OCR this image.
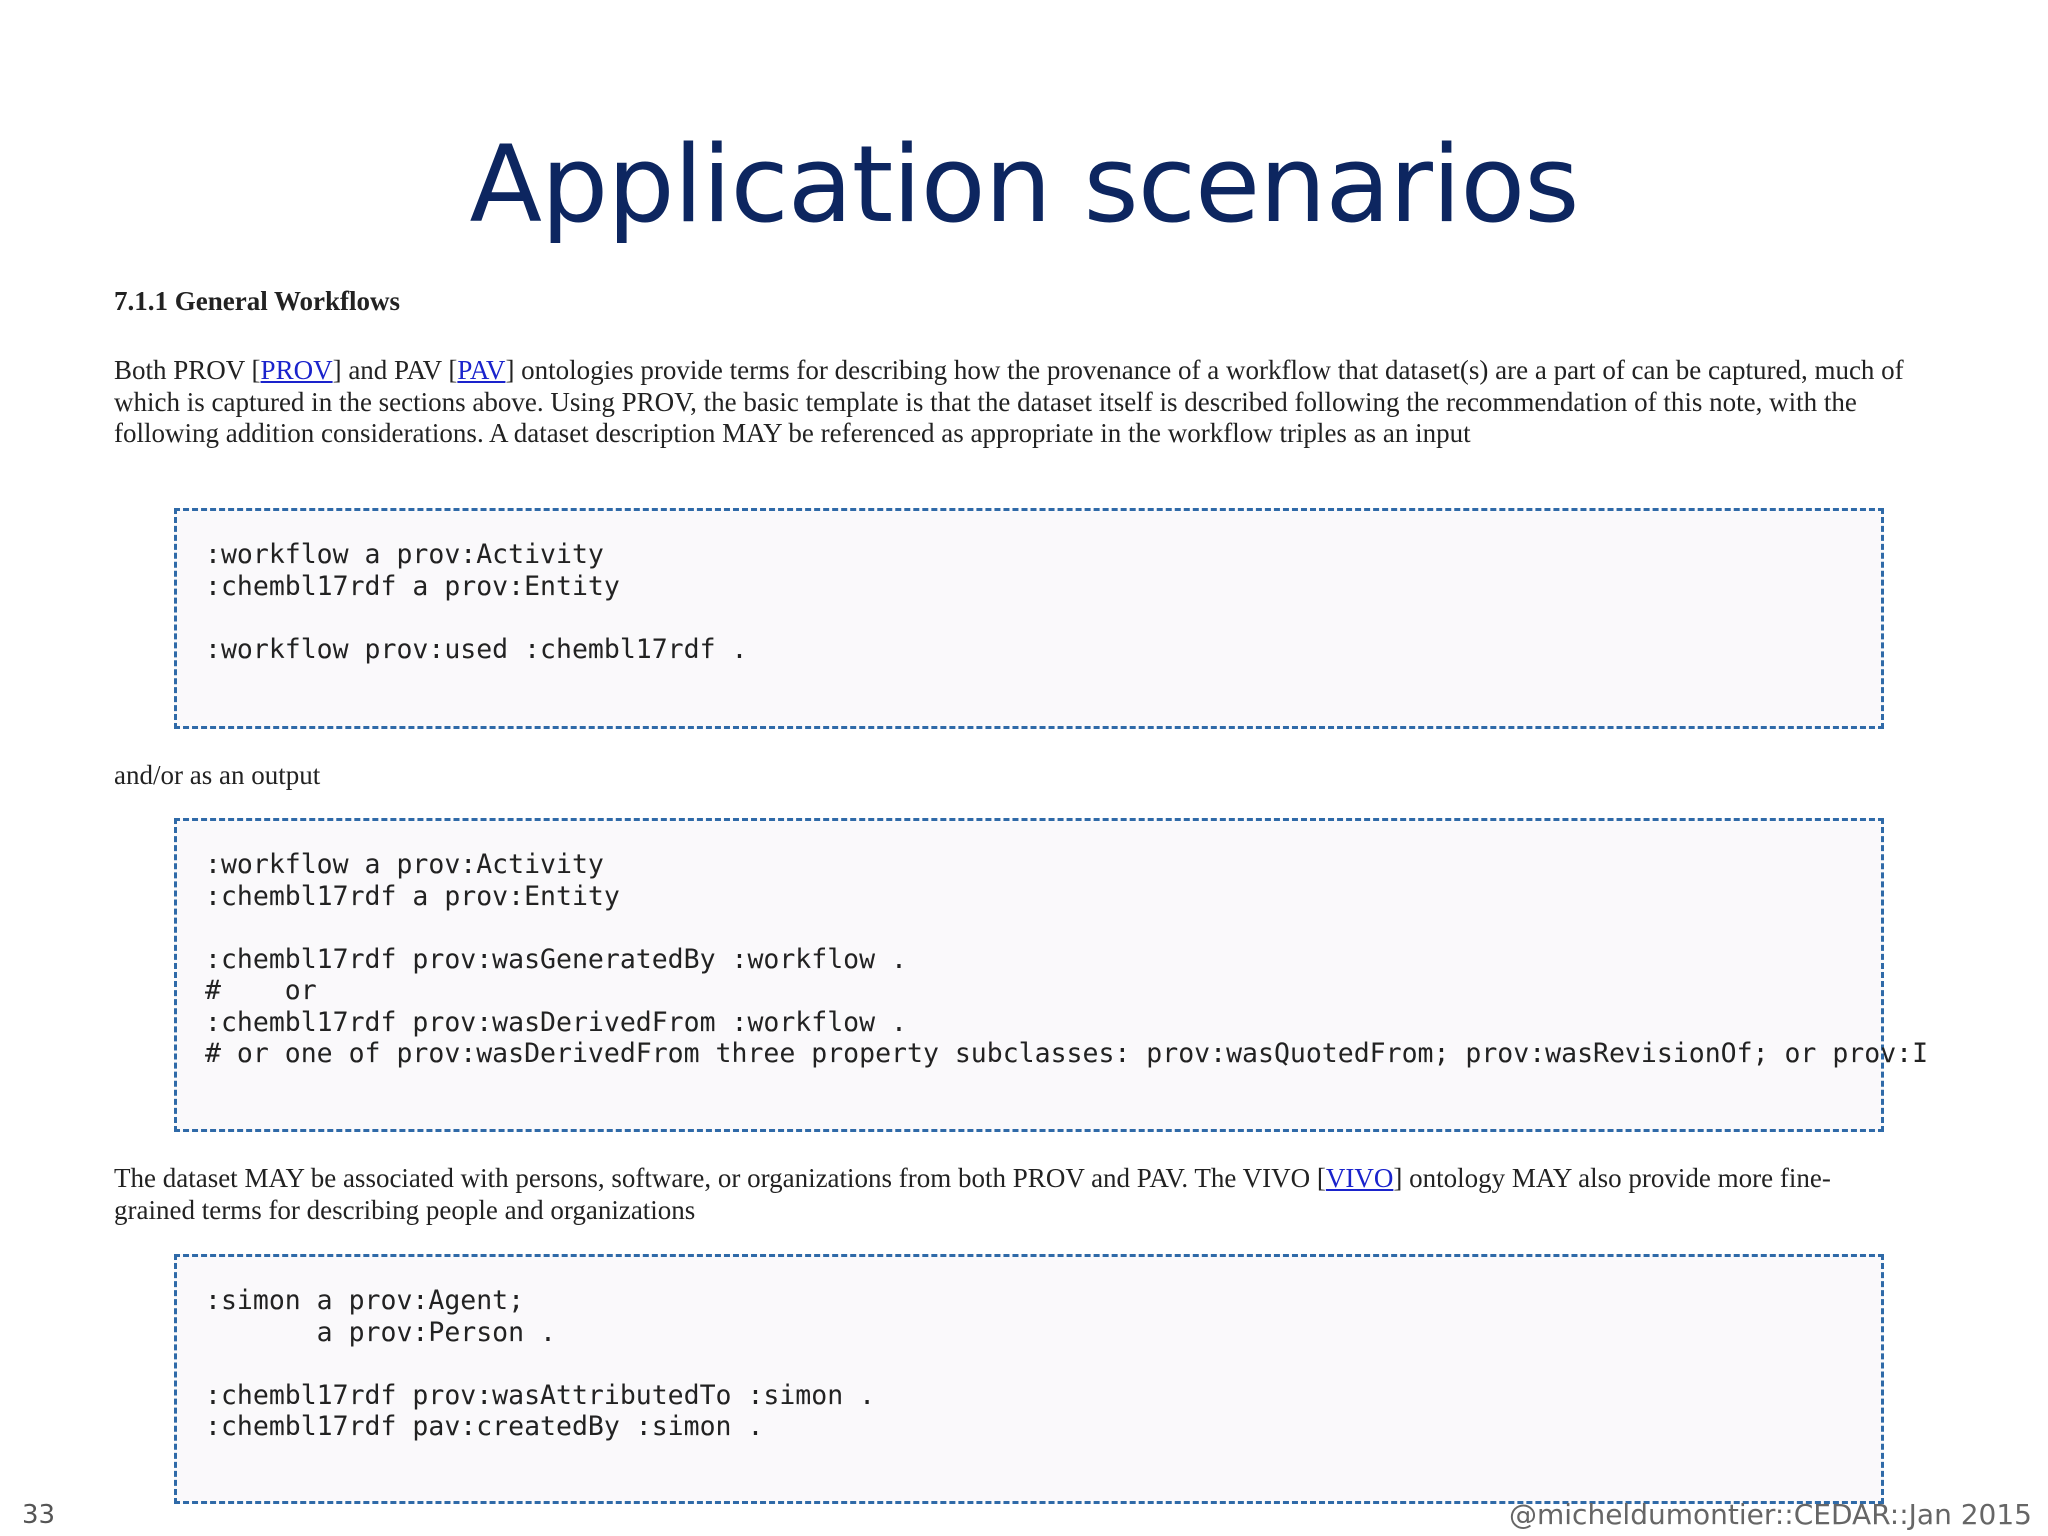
Application scenarios
7.1.1 General Workflows

Both PROV [PROV] and PAV [PAV] ontologies provide terms for describing how the provenance of a workflow that dataset(s) are a part of can be captured, much of which is captured in the sections above. Using PROV, the basic template is that the dataset itself is described following the recommendation of this note, with the following addition considerations. A dataset description MAY be referenced as appropriate in the workflow triples as an input

:workflow a prov:Activity
:chembl17rdf a prov:Entity

:workflow prov:used :chembl17rdf .

and/or as an output

:workflow a prov:Activity
:chembl17rdf a prov:Entity

:chembl17rdf prov:wasGeneratedBy :workflow .
#    or
:chembl17rdf prov:wasDerivedFrom :workflow .
# or one of prov:wasDerivedFrom three property subclasses: prov:wasQuotedFrom; prov:wasRevisionOf; or prov:I

The dataset MAY be associated with persons, software, or organizations from both PROV and PAV. The VIVO [VIVO] ontology MAY also provide more fine-grained terms for describing people and organizations

:simon a prov:Agent;
a prov:Person .

:chembl17rdf prov:wasAttributedTo :simon .
:chembl17rdf pav:createdBy :simon .
33	@micheldumontier::CEDAR::Jan 2015
